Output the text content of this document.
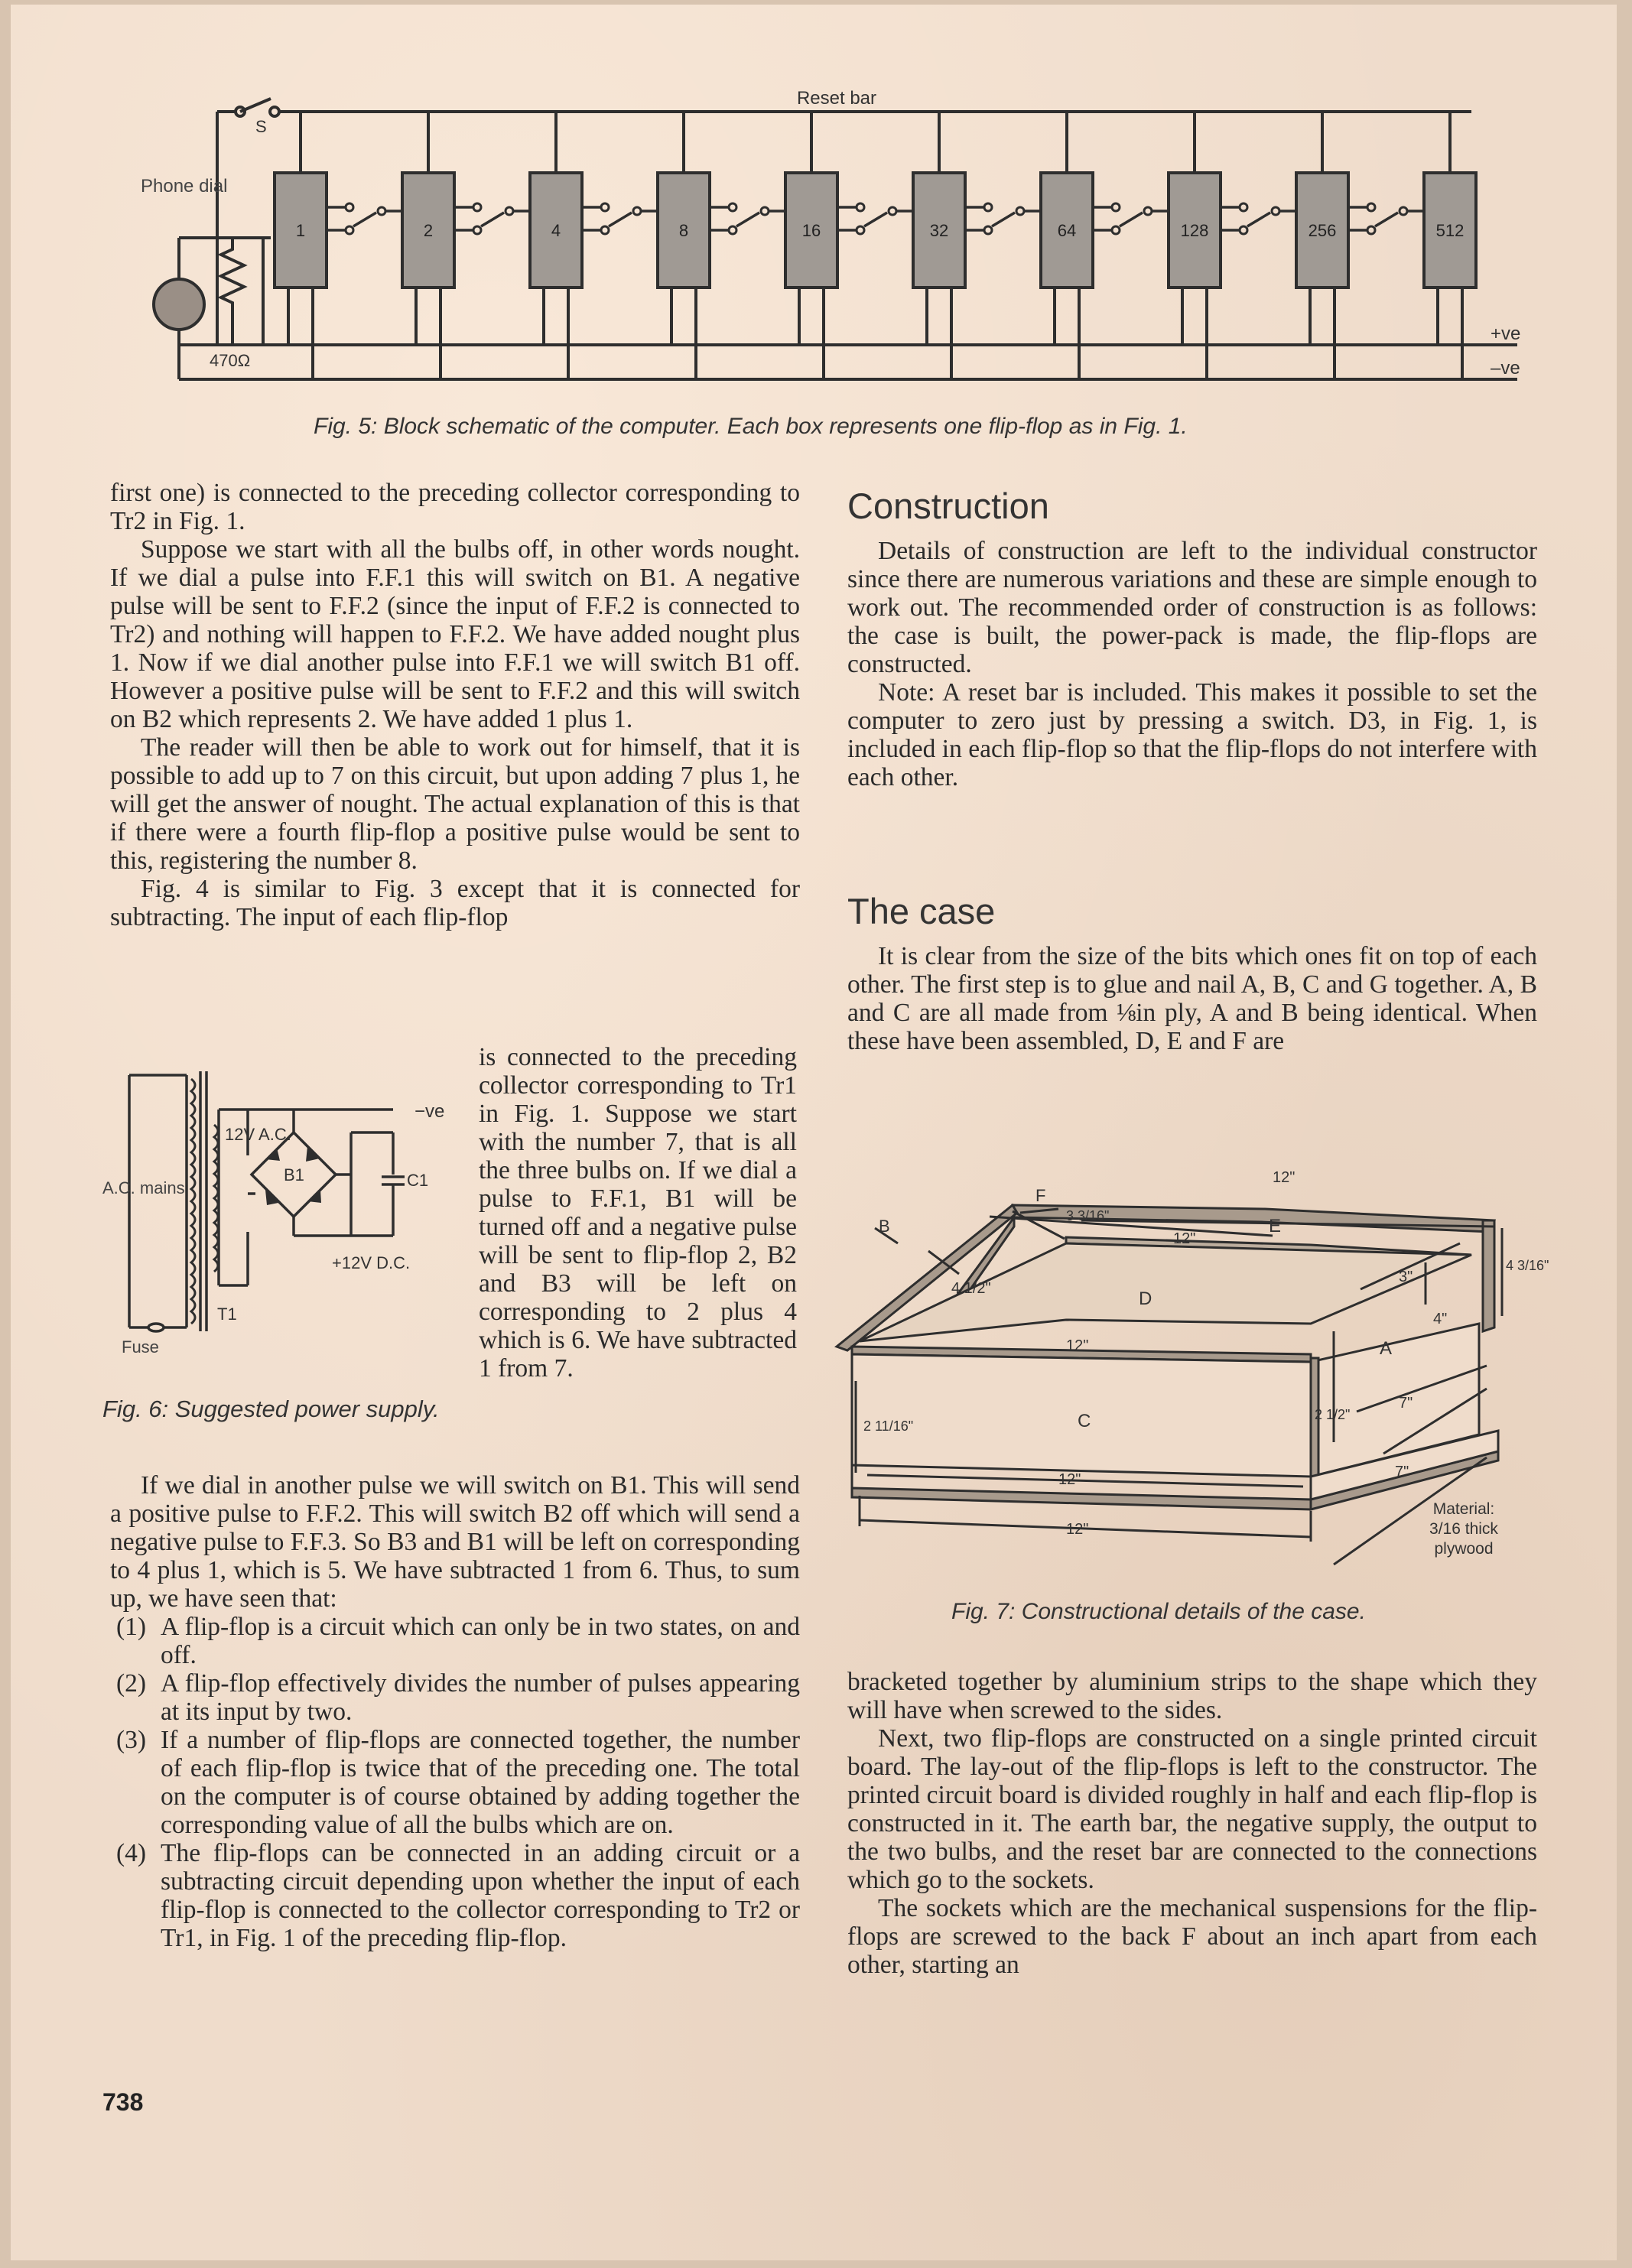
1	2	4	8	16	32	64	128	256	512
Reset bar
S
Phone dial
470Ω
+ve
–ve
Fig. 5: Block schematic of the computer. Each box represents one flip-flop as in Fig. 1.

first one) is connected to the preceding collector corresponding to Tr2 in Fig. 1.

Suppose we start with all the bulbs off, in other words nought. If we dial a pulse into F.F.1 this will switch on B1. A negative pulse will be sent to F.F.2 (since the input of F.F.2 is connected to Tr2) and nothing will happen to F.F.2. We have added nought plus 1. Now if we dial another pulse into F.F.1 we will switch B1 off. However a positive pulse will be sent to F.F.2 and this will switch on B2 which represents 2. We have added 1 plus 1.

The reader will then be able to work out for himself, that it is possible to add up to 7 on this circuit, but upon adding 7 plus 1, he will get the answer of nought. The actual explanation of this is that if there were a fourth flip-flop a positive pulse would be sent to this, registering the number 8.

Fig. 4 is similar to Fig. 3 except that it is connected for subtracting. The input of each flip-flop

A.C. mains
Fuse
T1
12V A.C.
B1	C1
−ve
+12V D.C.
Fig. 6: Suggested power supply.

is connected to the preceding collector corresponding to Tr1 in Fig. 1. Suppose we start with the number 7, that is all the three bulbs on. If we dial a pulse to F.F.1, B1 will be turned off and a negative pulse will be sent to flip-flop 2, B2 and B3 will be left on corresponding to 2 plus 4 which is 6. We have subtracted 1 from 7.

If we dial in another pulse we will switch on B1. This will send a positive pulse to F.F.2. This will switch B2 off which will send a negative pulse to F.F.3. So B3 and B1 will be left on corresponding to 4 plus 1, which is 5. We have subtracted 1 from 6. Thus, to sum up, we have seen that:

(1) A flip-flop is a circuit which can only be in two states, on and off.
(2) A flip-flop effectively divides the number of pulses appearing at its input by two.
(3) If a number of flip-flops are connected together, the number of each flip-flop is twice that of the preceding one. The total on the computer is of course obtained by adding together the corresponding value of all the bulbs which are on.
(4) The flip-flops can be connected in an adding circuit or a subtracting circuit depending upon whether the input of each flip-flop is connected to the collector corresponding to Tr2 or Tr1, in Fig. 1 of the preceding flip-flop.
Construction

Details of construction are left to the individual constructor since there are numerous variations and these are simple enough to work out. The recommended order of construction is as follows: the case is built, the power-pack is made, the flip-flops are constructed.

Note: A reset bar is included. This makes it possible to set the computer to zero just by pressing a switch. D3, in Fig. 1, is included in each flip-flop so that the flip-flops do not interfere with each other.

The case

It is clear from the size of the bits which ones fit on top of each other. The first step is to glue and nail A, B, C and G together. A, B and C are all made from ⅛in ply, A and B being identical. When these have been assembled, D, E and F are

F
B	E
D
C
A
12"
3 3/16"
12"
4 1/2"
12"
2 11/16"
12"
12"
3"
4"
4 3/16"
7"
2 1/2"
7"
Material: 3/16 thick plywood
Fig. 7: Constructional details of the case.

bracketed together by aluminium strips to the shape which they will have when screwed to the sides.

Next, two flip-flops are constructed on a single printed circuit board. The lay-out of the flip-flops is left to the constructor. The printed circuit board is divided roughly in half and each flip-flop is constructed in it. The earth bar, the negative supply, the output to the two bulbs, and the reset bar are connected to the connections which go to the sockets.

The sockets which are the mechanical suspensions for the flip-flops are screwed to the back F about an inch apart from each other, starting an

738
